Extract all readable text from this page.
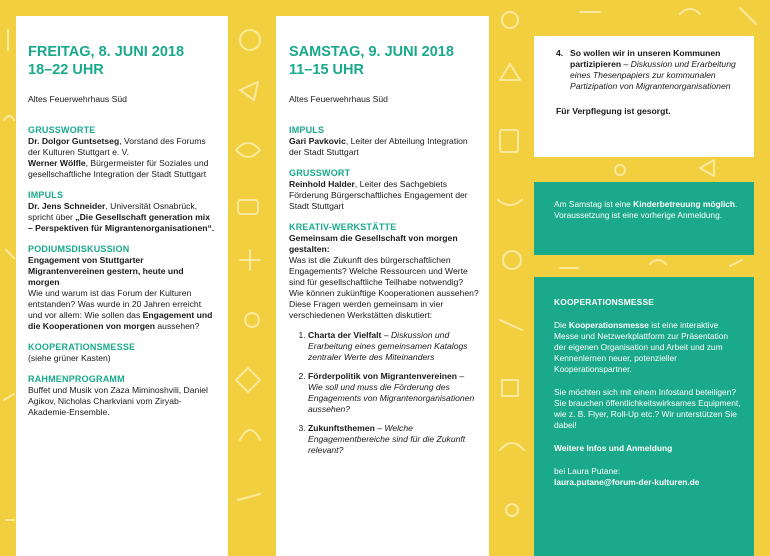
FREITAG, 8. JUNI 2018
18–22 UHR
Altes Feuerwehrhaus Süd
GRUSSWORTE

Dr. Dolgor Guntsetseg, Vorstand des Forums der Kulturen Stuttgart e. V.
Werner Wölfle, Bürgermeister für Soziales und gesellschaftliche Integration der Stadt Stuttgart

IMPULS

Dr. Jens Schneider, Universität Osnabrück, spricht über „Die Gesellschaft generation mix – Perspektiven für Migrantenorganisationen“.

PODIUMSDISKUSSION

Engagement von Stuttgarter Migrantenvereinen gestern, heute und morgen

Wie und warum ist das Forum der Kulturen entstanden? Was wurde in 20 Jahren erreicht und vor allem: Wie sollen das Engagement und die Kooperationen von morgen aussehen?

KOOPERATIONSMESSE

(siehe grüner Kasten)

RAHMENPROGRAMM

Buffet und Musik von Zaza Miminoshvili, Daniel Agikov, Nicholas Charkviani vom Ziryab-Akademie-Ensemble.

SAMSTAG, 9. JUNI 2018
11–15 UHR
Altes Feuerwehrhaus Süd
IMPULS

Gari Pavkovic, Leiter der Abteilung Integration der Stadt Stuttgart

GRUSSWORT

Reinhold Halder, Leiter des Sachgebiets Förderung Bürgerschaftliches Engagement der Stadt Stuttgart

KREATIV-WERKSTÄTTE

Gemeinsam die Gesellschaft von morgen gestalten:

Was ist die Zukunft des bürgerschaftlichen Engagements? Welche Ressourcen und Werte sind für gesellschaftliche Teilhabe notwendig? Wie können zukünftige Kooperationen aussehen? Diese Fragen werden gemeinsam in vier verschiedenen Werkstätten diskutiert:

1. Charta der Vielfalt – Diskussion und Erarbeitung eines gemeinsamen Katalogs zentraler Werte des Miteinanders
2. Förderpolitik von Migrantenvereinen – Wie soll und muss die Förderung des Engagements von Migrantenorganisationen aussehen?
3. Zukunftsthemen – Welche Engagementbereiche sind für die Zukunft relevant?
4. So wollen wir in unseren Kommunen partizipieren – Diskussion und Erarbeitung eines Thesenpapiers zur kommunalen Partizipation von Migrantenorganisationen

Für Verpflegung ist gesorgt.

Am Samstag ist eine Kinderbetreuung möglich. Voraussetzung ist eine vorherige Anmeldung.

KOOPERATIONSMESSE

Die Kooperationsmesse ist eine interaktive Messe und Netzwerkplattform zur Präsentation der eigenen Organisation und Arbeit und zum Kennenlernen neuer, potenzieller Kooperationspartner.

Sie möchten sich mit einem Infostand beteiligen? Sie brauchen öffentlichkeitswirksames Equipment, wie z. B. Flyer, Roll-Up etc.? Wir unterstützen Sie dabei!

Weitere Infos und Anmeldung

bei Laura Putane:

laura.putane@forum-der-kulturen.de
